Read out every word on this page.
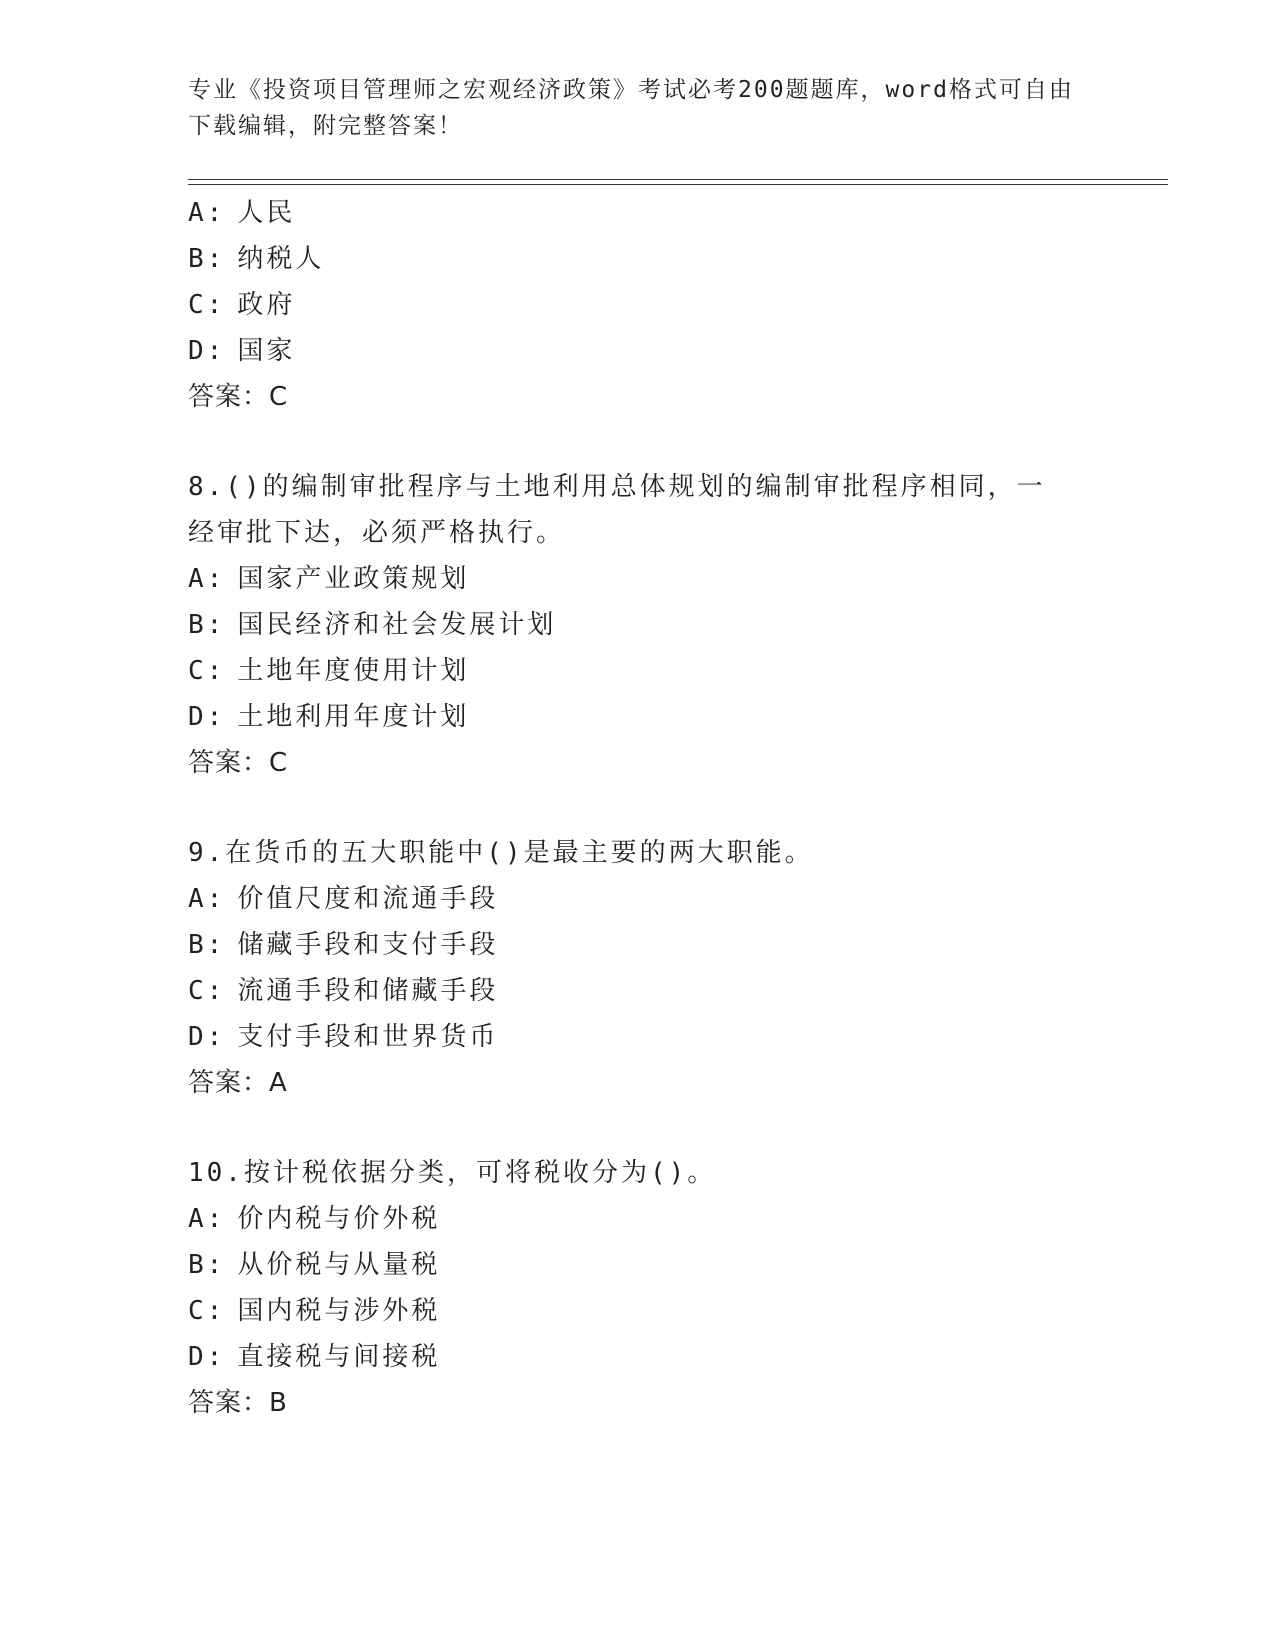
专业《投资项目管理师之宏观经济政策》考试必考200题题库，word格式可自由下载编辑，附完整答案！
A: 人民
B: 纳税人
C: 政府
D: 国家
答案：C
8.()的编制审批程序与土地利用总体规划的编制审批程序相同，一经审批下达，必须严格执行。
A: 国家产业政策规划
B: 国民经济和社会发展计划
C: 土地年度使用计划
D: 土地利用年度计划
答案：C
9.在货币的五大职能中()是最主要的两大职能。
A: 价值尺度和流通手段
B: 储藏手段和支付手段
C: 流通手段和储藏手段
D: 支付手段和世界货币
答案：A
10.按计税依据分类，可将税收分为()。
A: 价内税与价外税
B: 从价税与从量税
C: 国内税与涉外税
D: 直接税与间接税
答案：B
